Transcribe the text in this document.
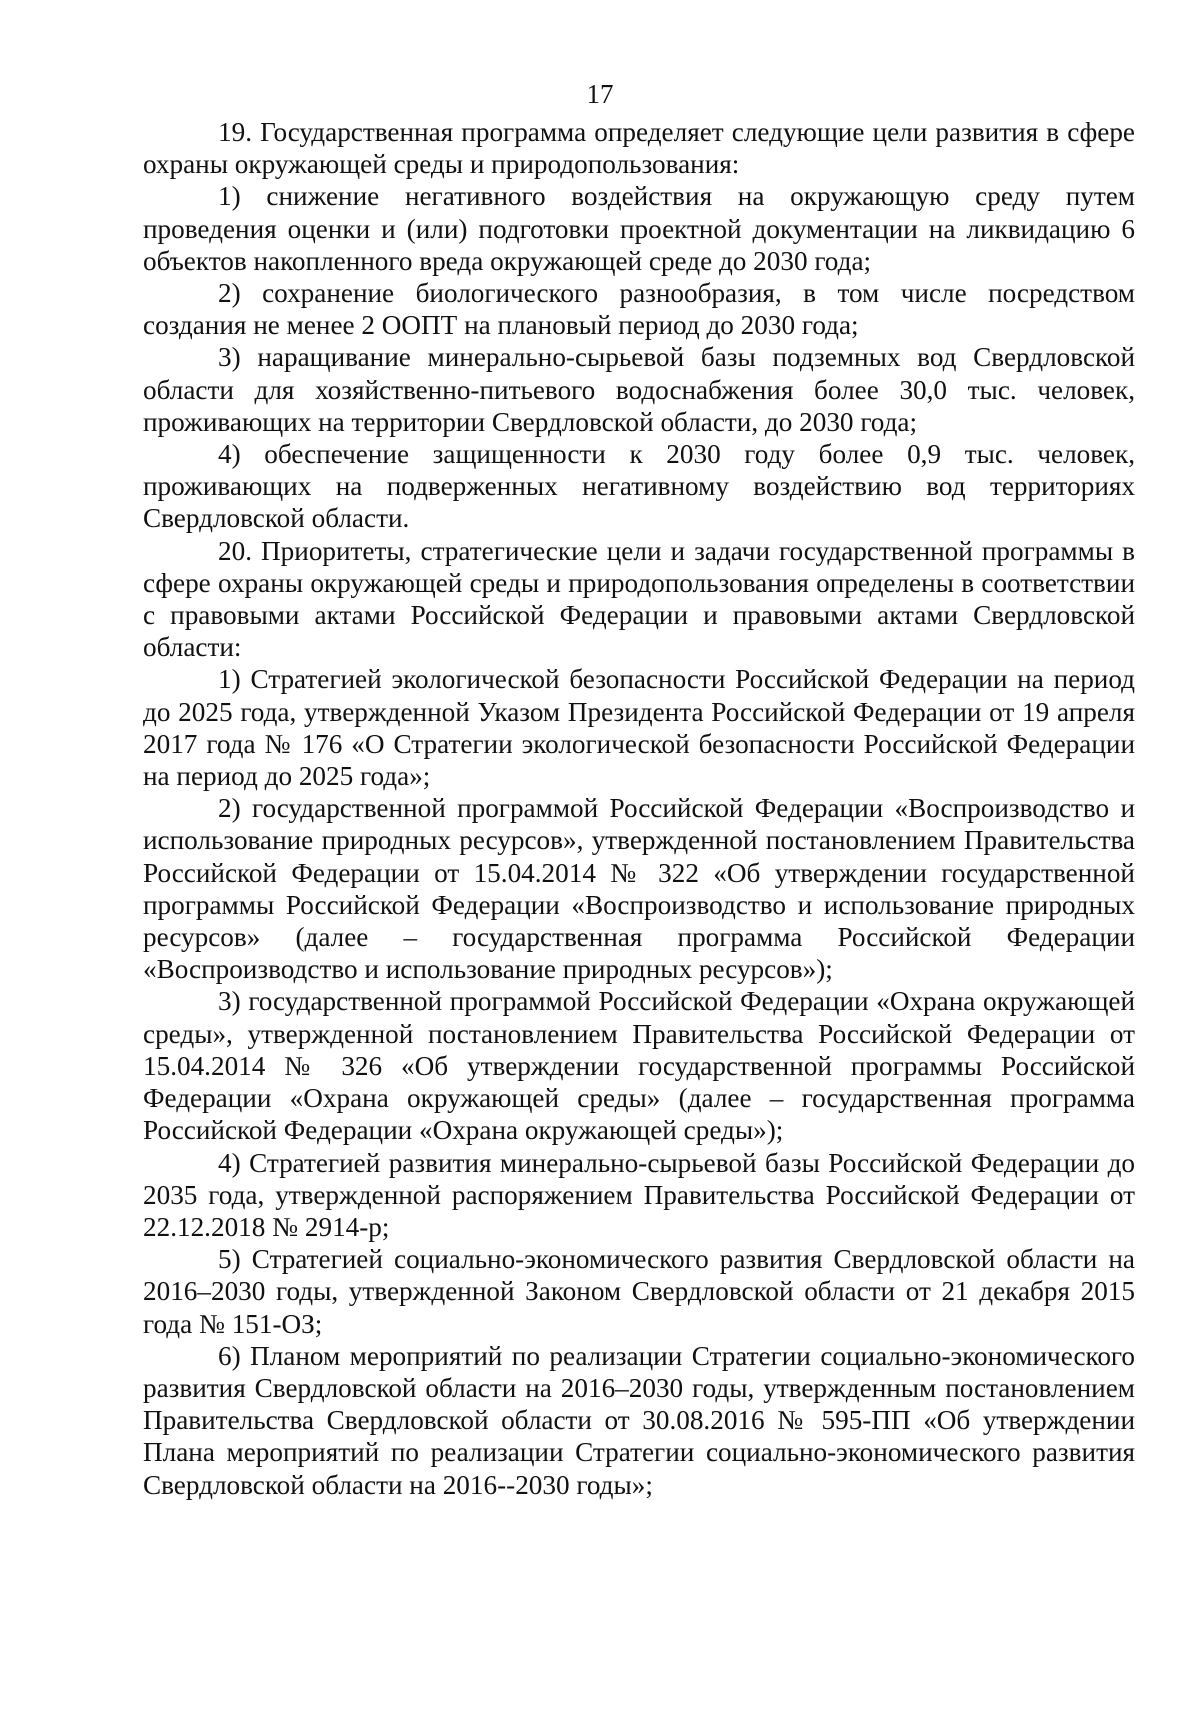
17

19. Государственная программа определяет следующие цели развития в сфере охраны окружающей среды и природопользования:

1) снижение негативного воздействия на окружающую среду путем проведения оценки и (или) подготовки проектной документации на ликвидацию 6 объектов накопленного вреда окружающей среде до 2030 года;

2) сохранение биологического разнообразия, в том числе посредством создания не менее 2 ООПТ на плановый период до 2030 года;

3) наращивание минерально-сырьевой базы подземных вод Свердловской области для хозяйственно-питьевого водоснабжения более 30,0 тыс. человек, проживающих на территории Свердловской области, до 2030 года;

4) обеспечение защищенности к 2030 году более 0,9 тыс. человек, проживающих на подверженных негативному воздействию вод территориях Свердловской области.

20. Приоритеты, стратегические цели и задачи государственной программы в сфере охраны окружающей среды и природопользования определены в соответствии с правовыми актами Российской Федерации и правовыми актами Свердловской области:

1) Стратегией экологической безопасности Российской Федерации на период до 2025 года, утвержденной Указом Президента Российской Федерации от 19 апреля 2017 года № 176 «О Стратегии экологической безопасности Российской Федерации на период до 2025 года»;

2) государственной программой Российской Федерации «Воспроизводство и использование природных ресурсов», утвержденной постановлением Правительства Российской Федерации от 15.04.2014 № 322 «Об утверждении государственной программы Российской Федерации «Воспроизводство и использование природных ресурсов» (далее – государственная программа Российской Федерации «Воспроизводство и использование природных ресурсов»);

3) государственной программой Российской Федерации «Охрана окружающей среды», утвержденной постановлением Правительства Российской Федерации от 15.04.2014 № 326 «Об утверждении государственной программы Российской Федерации «Охрана окружающей среды» (далее – государственная программа Российской Федерации «Охрана окружающей среды»);

4) Стратегией развития минерально-сырьевой базы Российской Федерации до 2035 года, утвержденной распоряжением Правительства Российской Федерации от 22.12.2018 № 2914-р;

5) Стратегией социально-экономического развития Свердловской области на 2016–2030 годы, утвержденной Законом Свердловской области от 21 декабря 2015 года № 151-ОЗ;

6) Планом мероприятий по реализации Стратегии социально-экономического развития Свердловской области на 2016–2030 годы, утвержденным постановлением Правительства Свердловской области от 30.08.2016 № 595-ПП «Об утверждении Плана мероприятий по реализации Стратегии социально-экономического развития Свердловской области на 2016--2030 годы»;
